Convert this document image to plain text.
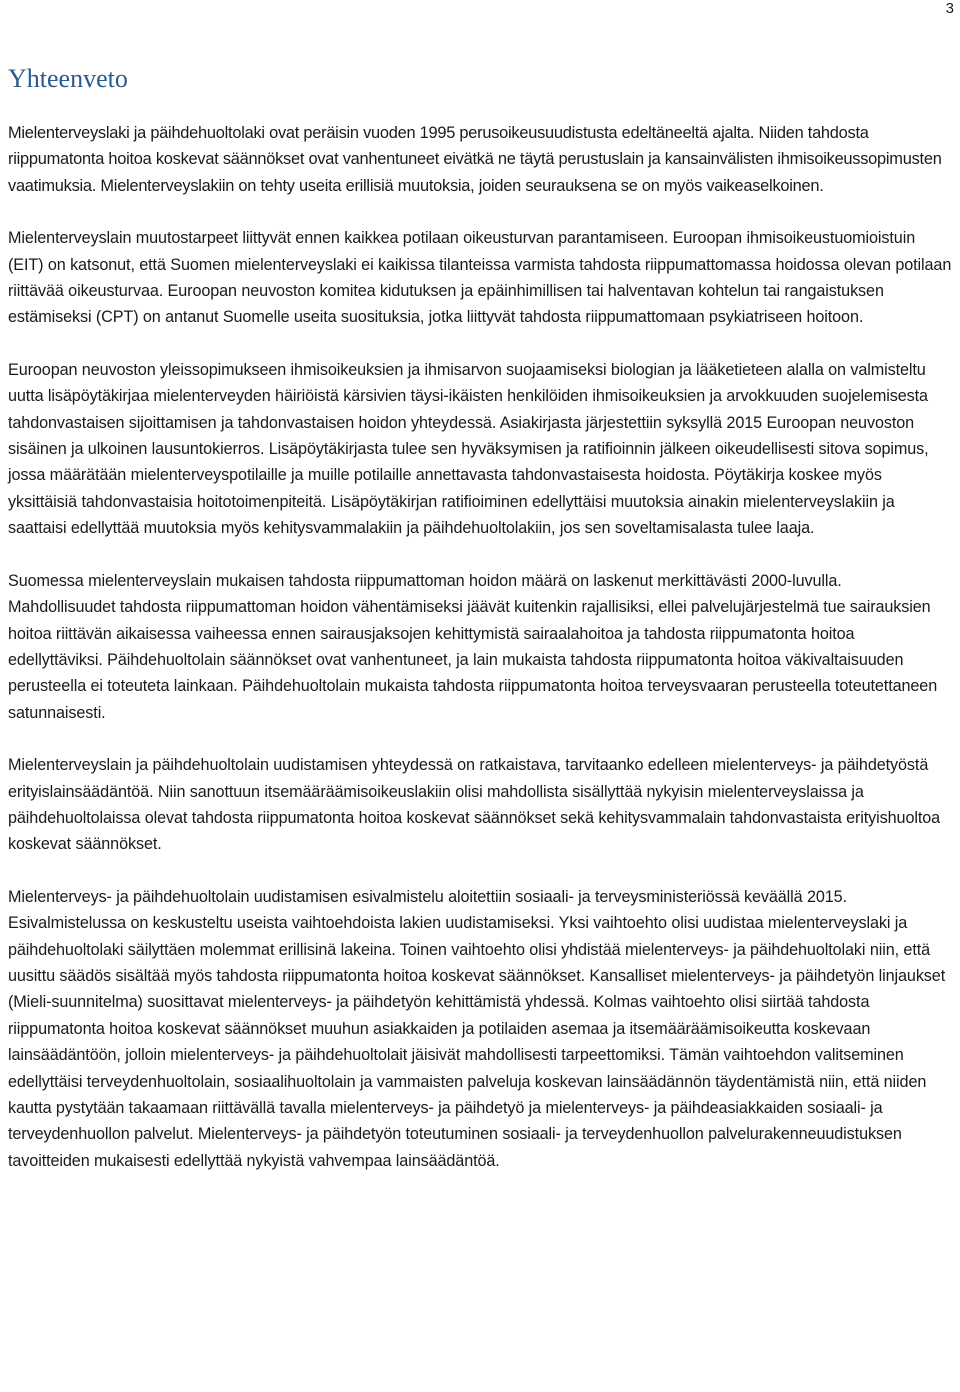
3
Yhteenveto

Mielenterveyslaki ja päihdehuoltolaki ovat peräisin vuoden 1995 perusoikeusuudistusta edeltäneeltä ajalta. Niiden tahdosta riippumatonta hoitoa koskevat säännökset ovat vanhentuneet eivätkä ne täytä perustuslain ja kansainvälisten ihmisoikeussopimusten vaatimuksia. Mielenterveyslakiin on tehty useita erillisiä muutoksia, joiden seurauksena se on myös vaikeaselkoinen.

Mielenterveyslain muutostarpeet liittyvät ennen kaikkea potilaan oikeusturvan parantamiseen. Euroopan ihmisoikeustuomioistuin (EIT) on katsonut, että Suomen mielenterveyslaki ei kaikissa tilanteissa varmista tahdosta riippumattomassa hoidossa olevan potilaan riittävää oikeusturvaa. Euroopan neuvoston komitea kidutuksen ja epäinhimillisen tai halventavan kohtelun tai rangaistuksen estämiseksi (CPT) on antanut Suomelle useita suosituksia, jotka liittyvät tahdosta riippumattomaan psykiatriseen hoitoon.

Euroopan neuvoston yleissopimukseen ihmisoikeuksien ja ihmisarvon suojaamiseksi biologian ja lääketieteen alalla on valmisteltu uutta lisäpöytäkirjaa mielenterveyden häiriöistä kärsivien täysi-ikäisten henkilöiden ihmisoikeuksien ja arvokkuuden suojelemisesta tahdonvastaisen sijoittamisen ja tahdonvastaisen hoidon yhteydessä. Asiakirjasta järjestettiin syksyllä 2015 Euroopan neuvoston sisäinen ja ulkoinen lausuntokierros. Lisäpöytäkirjasta tulee sen hyväksymisen ja ratifioinnin jälkeen oikeudellisesti sitova sopimus, jossa määrätään mielenterveyspotilaille ja muille potilaille annettavasta tahdonvastaisesta hoidosta. Pöytäkirja koskee myös yksittäisiä tahdonvastaisia hoitotoimenpiteitä. Lisäpöytäkirjan ratifioiminen edellyttäisi muutoksia ainakin mielenterveyslakiin ja saattaisi edellyttää muutoksia myös kehitysvammalakiin ja päihdehuoltolakiin, jos sen soveltamisalasta tulee laaja.

Suomessa mielenterveyslain mukaisen tahdosta riippumattoman hoidon määrä on laskenut merkittävästi 2000-luvulla. Mahdollisuudet tahdosta riippumattoman hoidon vähentämiseksi jäävät kuitenkin rajallisiksi, ellei palvelujärjestelmä tue sairauksien hoitoa riittävän aikaisessa vaiheessa ennen sairausjaksojen kehittymistä sairaalahoitoa ja tahdosta riippumatonta hoitoa edellyttäviksi. Päihdehuoltolain säännökset ovat vanhentuneet, ja lain mukaista tahdosta riippumatonta hoitoa väkivaltaisuuden perusteella ei toteuteta lainkaan. Päihdehuoltolain mukaista tahdosta riippumatonta hoitoa terveysvaaran perusteella toteutettaneen satunnaisesti.

Mielenterveyslain ja päihdehuoltolain uudistamisen yhteydessä on ratkaistava, tarvitaanko edelleen mielenterveys- ja päihdetyöstä erityislainsäädäntöä. Niin sanottuun itsemääräämisoikeuslakiin olisi mahdollista sisällyttää nykyisin mielenterveyslaissa ja päihdehuoltolaissa olevat tahdosta riippumatonta hoitoa koskevat säännökset sekä kehitysvammalain tahdonvastaista erityishuoltoa koskevat säännökset.

Mielenterveys- ja päihdehuoltolain uudistamisen esivalmistelu aloitettiin sosiaali- ja terveysministeriössä keväällä 2015. Esivalmistelussa on keskusteltu useista vaihtoehdoista lakien uudistamiseksi. Yksi vaihtoehto olisi uudistaa mielenterveyslaki ja päihdehuoltolaki säilyttäen molemmat erillisinä lakeina. Toinen vaihtoehto olisi yhdistää mielenterveys- ja päihdehuoltolaki niin, että uusittu säädös sisältää myös tahdosta riippumatonta hoitoa koskevat säännökset. Kansalliset mielenterveys- ja päihdetyön linjaukset (Mieli-suunnitelma) suosittavat mielenterveys- ja päihdetyön kehittämistä yhdessä. Kolmas vaihtoehto olisi siirtää tahdosta riippumatonta hoitoa koskevat säännökset muuhun asiakkaiden ja potilaiden asemaa ja itsemääräämisoikeutta koskevaan lainsäädäntöön, jolloin mielenterveys- ja päihdehuoltolait jäisivät mahdollisesti tarpeettomiksi. Tämän vaihtoehdon valitseminen edellyttäisi terveydenhuoltolain, sosiaalihuoltolain ja vammaisten palveluja koskevan lainsäädännön täydentämistä niin, että niiden kautta pystytään takaamaan riittävällä tavalla mielenterveys- ja päihdetyö ja mielenterveys- ja päihdeasiakkaiden sosiaali- ja terveydenhuollon palvelut. Mielenterveys- ja päihdetyön toteutuminen sosiaali- ja terveydenhuollon palvelurakenneuudistuksen tavoitteiden mukaisesti edellyttää nykyistä vahvempaa lainsäädäntöä.
